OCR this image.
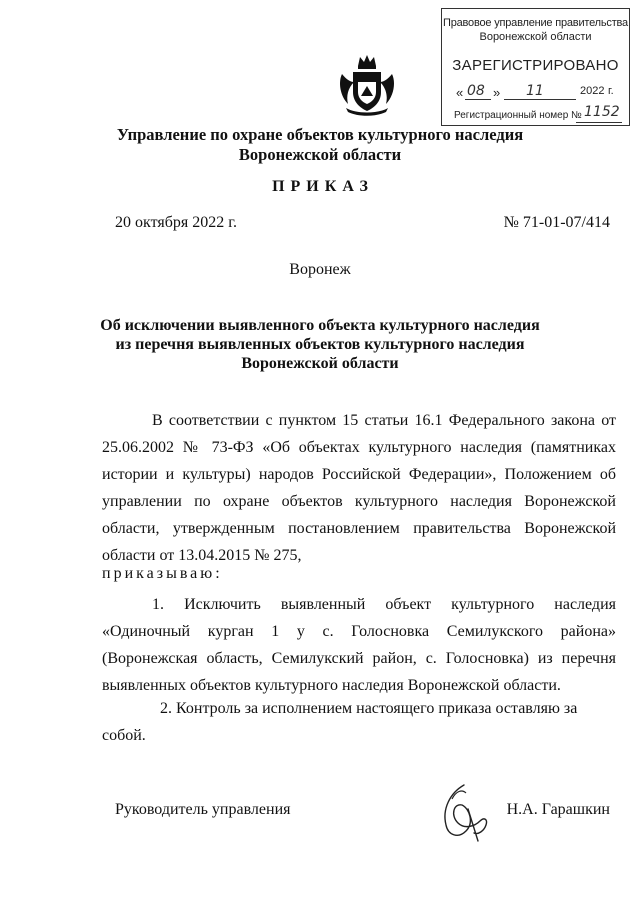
Правовое управление правительства
Воронежской области
ЗАРЕГИСТРИРОВАНО
« 08 » 11	2022 г.
Регистрационный номер № 1152
Управление по охране объектов культурного наследия
Воронежской области
ПРИКАЗ
20 октября 2022 г.	№ 71-01-07/414
Воронеж
Об исключении выявленного объекта культурного наследия
из перечня выявленных объектов культурного наследия
Воронежской области
В соответствии с пунктом 15 статьи 16.1 Федерального закона от 25.06.2002 № 73-ФЗ «Об объектах культурного наследия (памятниках истории и культуры) народов Российской Федерации», Положением об управлении по охране объектов культурного наследия Воронежской области, утвержденным постановлением правительства Воронежской области от 13.04.2015 № 275,
приказываю:
1. Исключить выявленный объект культурного наследия «Одиночный курган 1 у с. Голосновка Семилукского района» (Воронежская область, Семилукский район, с. Голосновка) из перечня выявленных объектов культурного наследия Воронежской области.
2. Контроль за исполнением настоящего приказа оставляю за собой.
Руководитель управления	Н.А. Гарашкин
